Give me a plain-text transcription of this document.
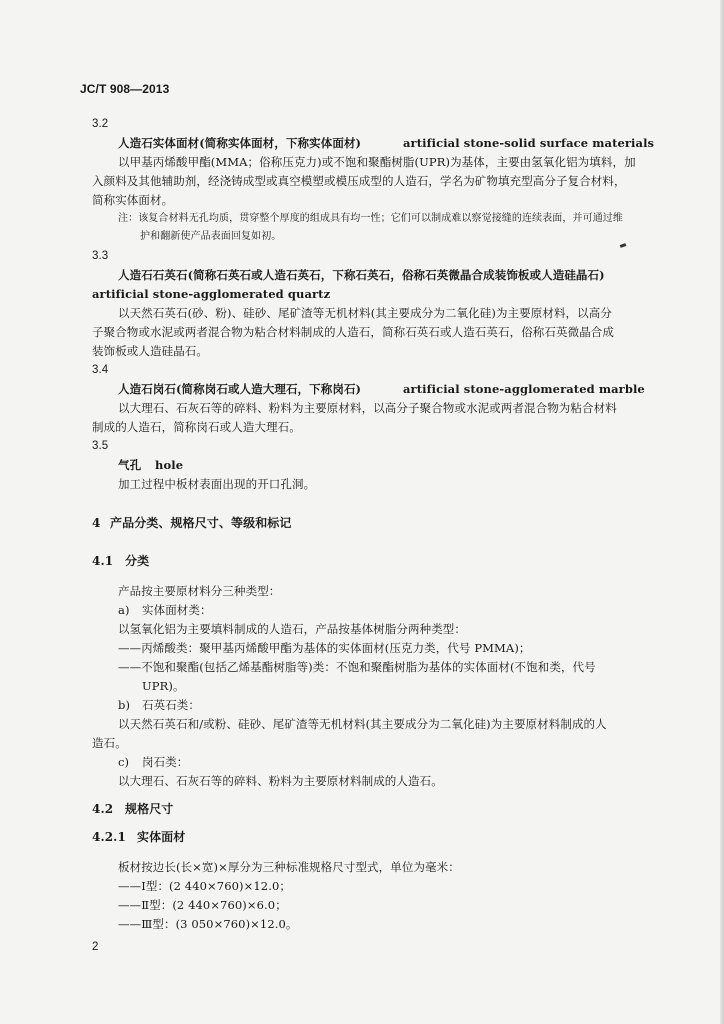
JC/T 908—2013
3.2
人造石实体面材(简称实体面材，下称实体面材)	artificial stone-solid surface materials
以甲基丙烯酸甲酯(MMA；俗称压克力)或不饱和聚酯树脂(UPR)为基体，主要由氢氧化铝为填料，加
入颜料及其他辅助剂，经浇铸成型或真空模塑或模压成型的人造石，学名为矿物填充型高分子复合材料，
简称实体面材。
注：该复合材料无孔均质，贯穿整个厚度的组成具有均一性；它们可以制成难以察觉接缝的连续表面，并可通过维
护和翻新使产品表面回复如初。
3.3
人造石石英石(简称石英石或人造石英石，下称石英石，俗称石英微晶合成装饰板或人造硅晶石)
artificial stone-agglomerated quartz
以天然石英石(砂、粉)、硅砂、尾矿渣等无机材料(其主要成分为二氧化硅)为主要原材料，以高分
子聚合物或水泥或两者混合物为粘合材料制成的人造石，简称石英石或人造石英石，俗称石英微晶合成
装饰板或人造硅晶石。
3.4
人造石岗石(简称岗石或人造大理石，下称岗石)	artificial stone-agglomerated marble
以大理石、石灰石等的碎料、粉料为主要原材料，以高分子聚合物或水泥或两者混合物为粘合材料
制成的人造石，简称岗石或人造大理石。
3.5
气孔 hole
加工过程中板材表面出现的开口孔洞。
4 产品分类、规格尺寸、等级和标记
4.1 分类
产品按主要原材料分三种类型：
a) 实体面材类：
以氢氧化铝为主要填料制成的人造石，产品按基体树脂分两种类型：
——丙烯酸类：聚甲基丙烯酸甲酯为基体的实体面材(压克力类，代号 PMMA)；
——不饱和聚酯(包括乙烯基酯树脂等)类：不饱和聚酯树脂为基体的实体面材(不饱和类，代号
UPR)。
b) 石英石类：
以天然石英石和/或粉、硅砂、尾矿渣等无机材料(其主要成分为二氧化硅)为主要原材料制成的人
造石。
c) 岗石类：
以大理石、石灰石等的碎料、粉料为主要原材料制成的人造石。
4.2 规格尺寸
4.2.1 实体面材
板材按边长(长×宽)×厚分为三种标准规格尺寸型式，单位为毫米：
——Ⅰ型：(2 440×760)×12.0；
——Ⅱ型：(2 440×760)×6.0；
——Ⅲ型：(3 050×760)×12.0。
2
